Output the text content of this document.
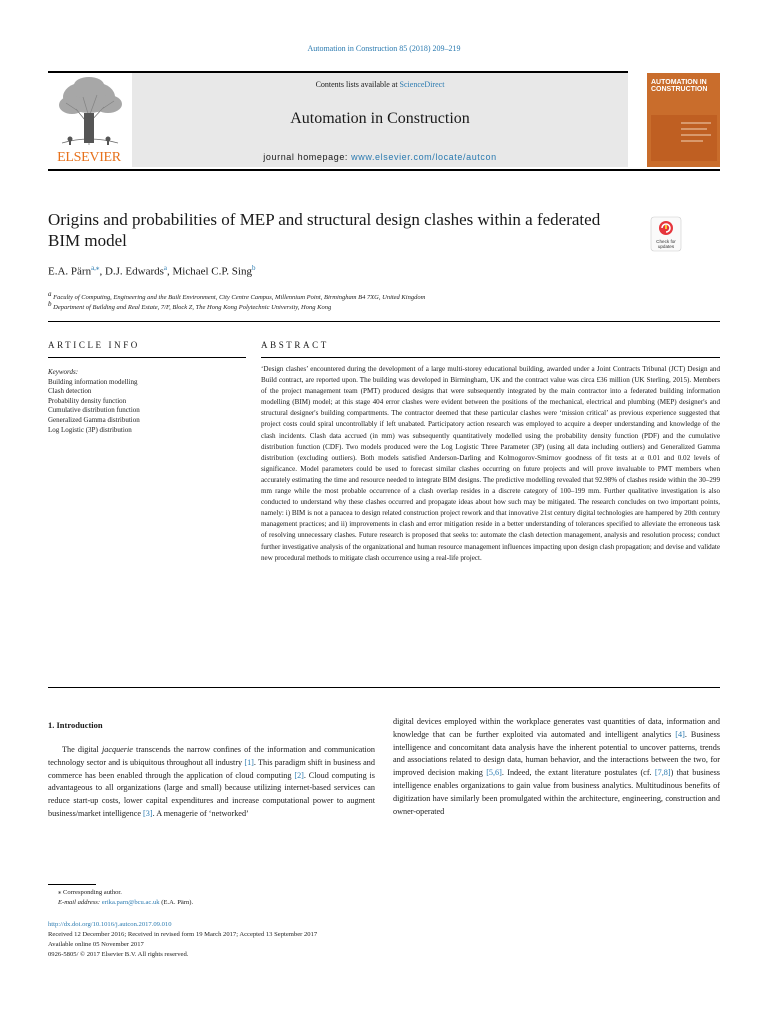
Automation in Construction 85 (2018) 209–219
ELSEVIER
Contents lists available at ScienceDirect
Automation in Construction
journal homepage: www.elsevier.com/locate/autcon
AUTOMATION IN CONSTRUCTION
Origins and probabilities of MEP and structural design clashes within a federated BIM model	Check for updates
E.A. Pärn$^{a,⁎}$, D.J. Edwards$^a$, Michael C.P. Sing$^b$
$^a$ Faculty of Computing, Engineering and the Built Environment, City Centre Campus, Millennium Point, Birmingham B4 7XG, United Kingdom
$^b$ Department of Building and Real Estate, 7/F, Block Z, The Hong Kong Polytechnic University, Hong Kong
ARTICLE INFO	ABSTRACT
Keywords:
Building information modelling
Clash detection
Probability density function
Cumulative distribution function
Generalized Gamma distribution
Log Logistic (3P) distribution
‘Design clashes’ encountered during the development of a large multi-storey educational building, awarded under a Joint Contracts Tribunal (JCT) Design and Build contract, are reported upon. The building was developed in Birmingham, UK and the contract value was circa £36 million (UK Sterling, 2015). Members of the project management team (PMT) produced designs that were subsequently integrated by the main contractor into a federated building information modelling (BIM) model; at this stage 404 error clashes were evident between the positions of the mechanical, electrical and plumbing (MEP) designer's and structural designer's building compartments. The contractor deemed that these particular clashes were ‘mission critical’ as previous experience suggested that project costs could spiral uncontrollably if left unabated. Participatory action research was employed to acquire a deeper understanding and knowledge of the clash incidents. Clash data accrued (in mm) was subsequently quantitatively modelled using the probability density function (PDF) and the cumulative distribution function (CDF). Two models produced were the Log Logistic Three Parameter (3P) (using all data including outliers) and Generalized Gamma distribution (excluding outliers). Both models satisfied Anderson-Darling and Kolmogorov-Smirnov goodness of fit tests at α 0.01 and 0.02 levels of significance. Model parameters could be used to forecast similar clashes occurring on future projects and will prove invaluable to PMT members when accurately estimating the time and resource needed to integrate BIM designs. The predictive modelling revealed that 92.98% of clashes reside within the 30–299 mm range while the most probable occurrence of a clash overlap resides in a discrete category of 100–199 mm. Further qualitative investigation is also conducted to understand why these clashes occurred and propagate ideas about how such may be mitigated. The research concludes on two important points, namely: i) BIM is not a panacea to design related construction project rework and that innovative 21st century digital technologies are hampered by 20th century management practices; and ii) improvements in clash and error mitigation reside in a better understanding of tolerances specified to alleviate the erroneous task of resolving unnecessary clashes. Future research is proposed that seeks to: automate the clash detection management, analysis and resolution process; conduct further investigative analysis of the organizational and human resource management influences impacting upon design clash propagation; and devise and validate new procedural methods to mitigate clash occurrence using a real-life project.
1. Introduction
The digital jacquerie transcends the narrow confines of the information and communication technology sector and is ubiquitous throughout all industry [1]. This paradigm shift in business and commerce has been enabled through the application of cloud computing [2]. Cloud computing is advantageous to all organizations (large and small) because utilizing internet-based services can reduce start-up costs, lower capital expenditures and increase computational power to augment business/market intelligence [3]. A menagerie of ‘networked’
digital devices employed within the workplace generates vast quantities of data, information and knowledge that can be further exploited via automated and intelligent analytics [4]. Business intelligence and concomitant data analysis have the inherent potential to uncover patterns, trends and associations related to design data, human behavior, and the interactions between the two, for improved decision making [5,6]. Indeed, the extant literature postulates (cf. [7,8]) that business intelligence enables organizations to gain value from business analytics. Multitudinous benefits of digitization have similarly been promulgated within the architecture, engineering, construction and owner-operated
⁎ Corresponding author.
E-mail address: erika.parn@bcu.ac.uk (E.A. Pärn).
http://dx.doi.org/10.1016/j.autcon.2017.09.010
Received 12 December 2016; Received in revised form 19 March 2017; Accepted 13 September 2017
Available online 05 November 2017
0926-5805/ © 2017 Elsevier B.V. All rights reserved.
